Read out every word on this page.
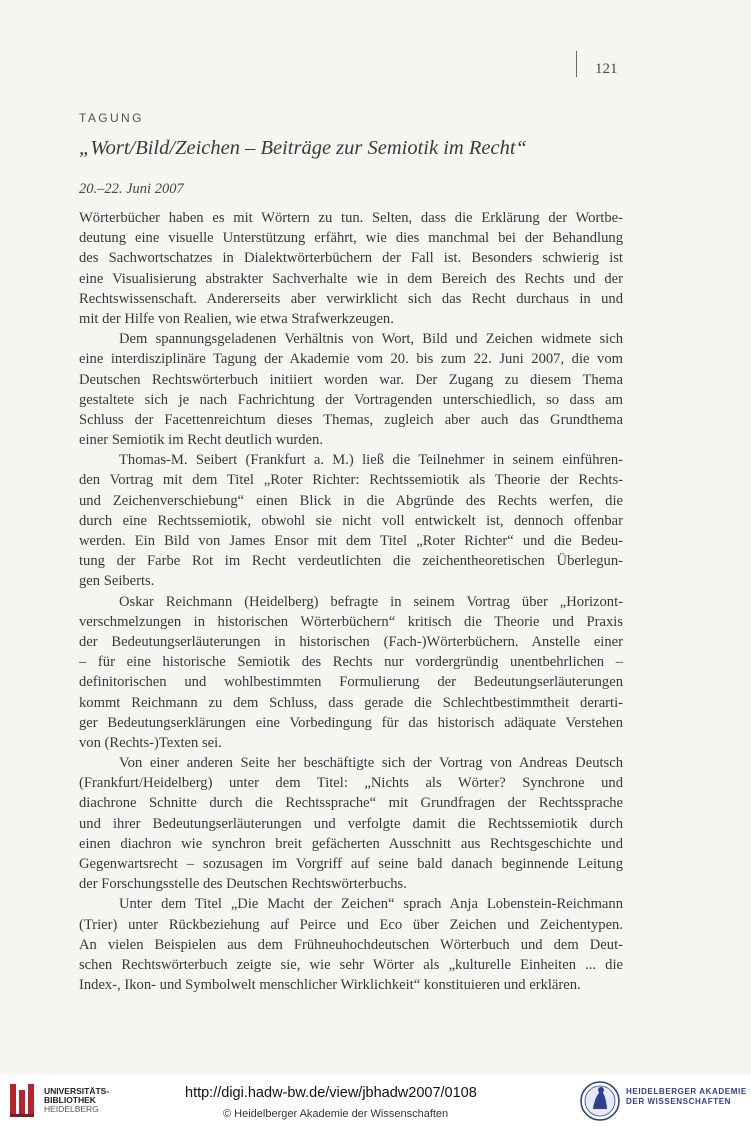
121
TAGUNG
„Wort/Bild/Zeichen – Beiträge zur Semiotik im Recht“
20.–22. Juni 2007
Wörterbücher haben es mit Wörtern zu tun. Selten, dass die Erklärung der Wortbe-
deutung eine visuelle Unterstützung erfährt, wie dies manchmal bei der Behandlung
des Sachwortschatzes in Dialektwörterbüchern der Fall ist. Besonders schwierig ist
eine Visualisierung abstrakter Sachverhalte wie in dem Bereich des Rechts und der
Rechtswissenschaft. Andererseits aber verwirklicht sich das Recht durchaus in und
mit der Hilfe von Realien, wie etwa Strafwerkzeugen.
Dem spannungsgeladenen Verhältnis von Wort, Bild und Zeichen widmete sich
eine interdisziplinäre Tagung der Akademie vom 20. bis zum 22. Juni 2007, die vom
Deutschen Rechtswörterbuch initiiert worden war. Der Zugang zu diesem Thema
gestaltete sich je nach Fachrichtung der Vortragenden unterschiedlich, so dass am
Schluss der Facettenreichtum dieses Themas, zugleich aber auch das Grundthema
einer Semiotik im Recht deutlich wurden.
Thomas-M. Seibert (Frankfurt a. M.) ließ die Teilnehmer in seinem einführen-
den Vortrag mit dem Titel „Roter Richter: Rechtssemiotik als Theorie der Rechts-
und Zeichenverschiebung“ einen Blick in die Abgründe des Rechts werfen, die
durch eine Rechtssemiotik, obwohl sie nicht voll entwickelt ist, dennoch offenbar
werden. Ein Bild von James Ensor mit dem Titel „Roter Richter“ und die Bedeu-
tung der Farbe Rot im Recht verdeutlichten die zeichentheoretischen Überlegun-
gen Seiberts.
Oskar Reichmann (Heidelberg) befragte in seinem Vortrag über „Horizont-
verschmelzungen in historischen Wörterbüchern“ kritisch die Theorie und Praxis
der Bedeutungserläuterungen in historischen (Fach-)Wörterbüchern. Anstelle einer
– für eine historische Semiotik des Rechts nur vordergründig unentbehrlichen –
definitorischen und wohlbestimmten Formulierung der Bedeutungserläuterungen
kommt Reichmann zu dem Schluss, dass gerade die Schlechtbestimmtheit derarti-
ger Bedeutungserklärungen eine Vorbedingung für das historisch adäquate Verstehen
von (Rechts-)Texten sei.
Von einer anderen Seite her beschäftigte sich der Vortrag von Andreas Deutsch
(Frankfurt/Heidelberg) unter dem Titel: „Nichts als Wörter? Synchrone und
diachrone Schnitte durch die Rechtssprache“ mit Grundfragen der Rechtssprache
und ihrer Bedeutungserläuterungen und verfolgte damit die Rechtssemiotik durch
einen diachron wie synchron breit gefächerten Ausschnitt aus Rechtsgeschichte und
Gegenwartsrecht – sozusagen im Vorgriff auf seine bald danach beginnende Leitung
der Forschungsstelle des Deutschen Rechtswörterbuchs.
Unter dem Titel „Die Macht der Zeichen“ sprach Anja Lobenstein-Reichmann
(Trier) unter Rückbeziehung auf Peirce und Eco über Zeichen und Zeichentypen.
An vielen Beispielen aus dem Frühneuhochdeutschen Wörterbuch und dem Deut-
schen Rechtswörterbuch zeigte sie, wie sehr Wörter als „kulturelle Einheiten ... die
Index-, Ikon- und Symbolwelt menschlicher Wirklichkeit“ konstituieren und erklären.
UNIVERSITÄTS-
BIBLIOTHEK
HEIDELBERG
http://digi.hadw-bw.de/view/jbhadw2007/0108
© Heidelberger Akademie der Wissenschaften
HEIDELBERGER AKADEMIE
DER WISSENSCHAFTEN
